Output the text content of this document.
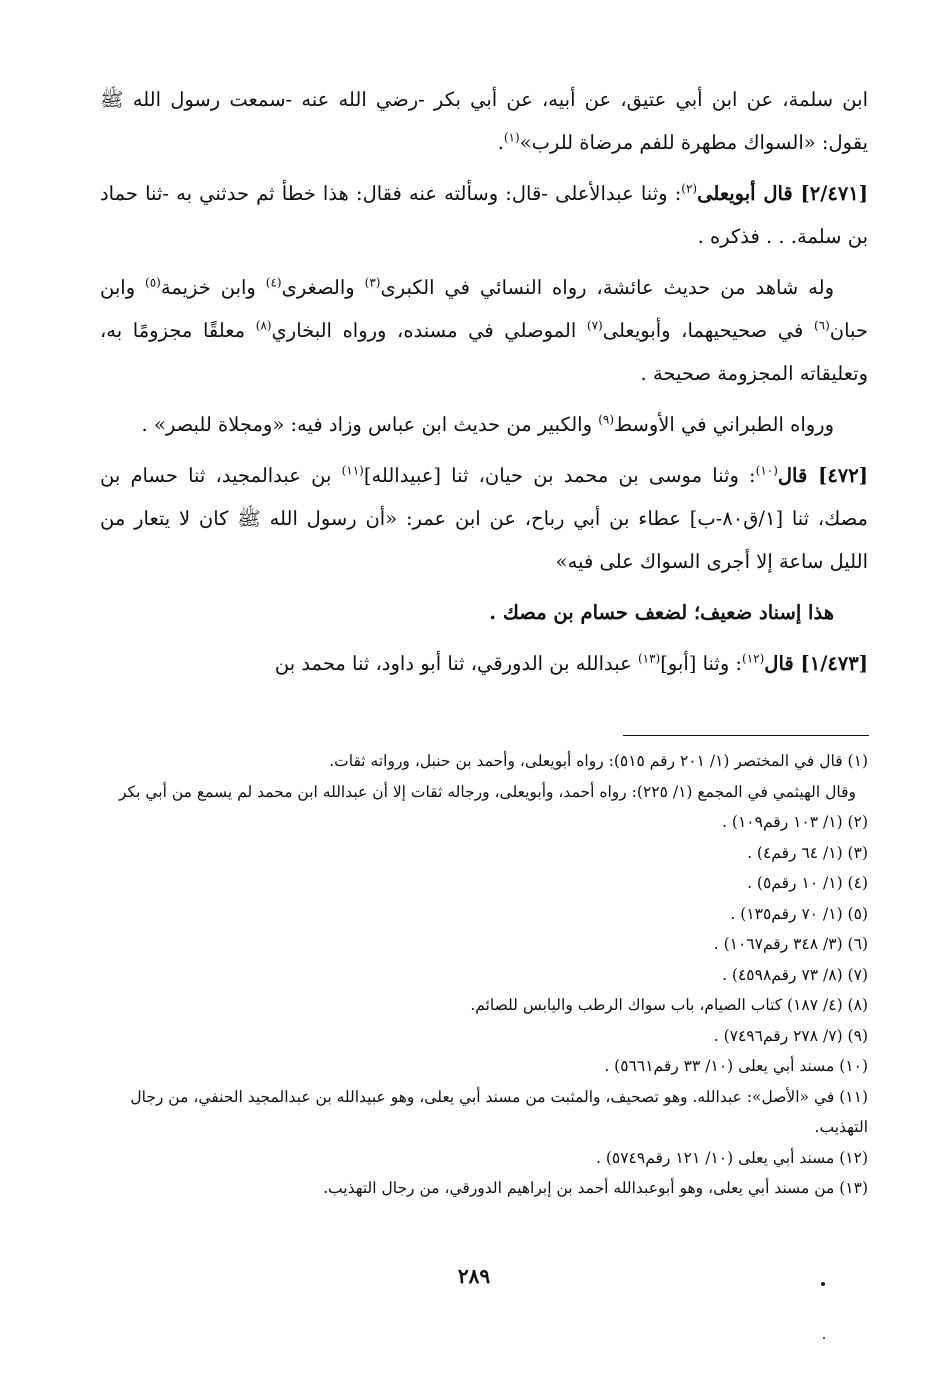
ابن سلمة، عن ابن أبي عتيق، عن أبيه، عن أبي بكر -رضي الله عنه -سمعت رسول الله ﷺ يقول: «السواك مطهرة للفم مرضاة للرب»$^{(١)}$.

[٢/٤٧١] قال أبويعلى$^{(٢)}$: وثنا عبدالأعلى -قال: وسألته عنه فقال: هذا خطأ ثم حدثني به -ثنا حماد بن سلمة. . . فذكره .

وله شاهد من حديث عائشة، رواه النسائي في الكبرى$^{(٣)}$ والصغرى$^{(٤)}$ وابن خزيمة$^{(٥)}$ وابن حبان$^{(٦)}$ في صحيحيهما، وأبويعلى$^{(٧)}$ الموصلي في مسنده، ورواه البخاري$^{(٨)}$ معلقًا مجزومًا به، وتعليقاته المجزومة صحيحة .

ورواه الطبراني في الأوسط$^{(٩)}$ والكبير من حديث ابن عباس وزاد فيه: «ومجلاة للبصر» .

[٤٧٢] قال$^{(١٠)}$: وثنا موسى بن محمد بن حيان، ثنا [عبيدالله]$^{(١١)}$ بن عبدالمجيد، ثنا حسام بن مصك، ثنا [١/ق٨٠-ب] عطاء بن أبي رباح، عن ابن عمر: «أن رسول الله ﷺ كان لا يتعار من الليل ساعة إلا أجرى السواك على فيه»

هذا إسناد ضعيف؛ لضعف حسام بن مصك .

[١/٤٧٣] قال$^{(١٢)}$: وثنا [أبو]$^{(١٣)}$ عبدالله بن الدورقي، ثنا أبو داود، ثنا محمد بن

(١) قال في المختصر (١/ ٢٠١ رقم ٥١٥): رواه أبويعلى، وأحمد بن حنبل، ورواته ثقات.
وقال الهيثمي في المجمع (١/ ٢٢٥): رواه أحمد، وأبويعلى، ورجاله ثقات إلا أن عبدالله ابن محمد لم يسمع من أبي بكر
(٢) (١/ ١٠٣ رقم١٠٩) .
(٣) (١/ ٦٤ رقم٤) .
(٤) (١/ ١٠ رقم٥) .
(٥) (١/ ٧٠ رقم١٣٥) .
(٦) (٣/ ٣٤٨ رقم١٠٦٧) .
(٧) (٨/ ٧٣ رقم٤٥٩٨) .
(٨) (٤/ ١٨٧) كتاب الصيام، باب سواك الرطب واليابس للصائم.
(٩) (٧/ ٢٧٨ رقم٧٤٩٦) .
(١٠) مسند أبي يعلى (١٠/ ٣٣ رقم٥٦٦١) .
(١١) في «الأصل»: عبدالله. وهو تصحيف، والمثبت من مسند أبي يعلى، وهو عبيدالله بن عبدالمجيد الحنفي، من رجال التهذيب.
(١٢) مسند أبي يعلى (١٠/ ١٢١ رقم٥٧٤٩) .
(١٣) من مسند أبي يعلى، وهو أبوعبدالله أحمد بن إبراهيم الدورقي، من رجال التهذيب.
٢٨٩
